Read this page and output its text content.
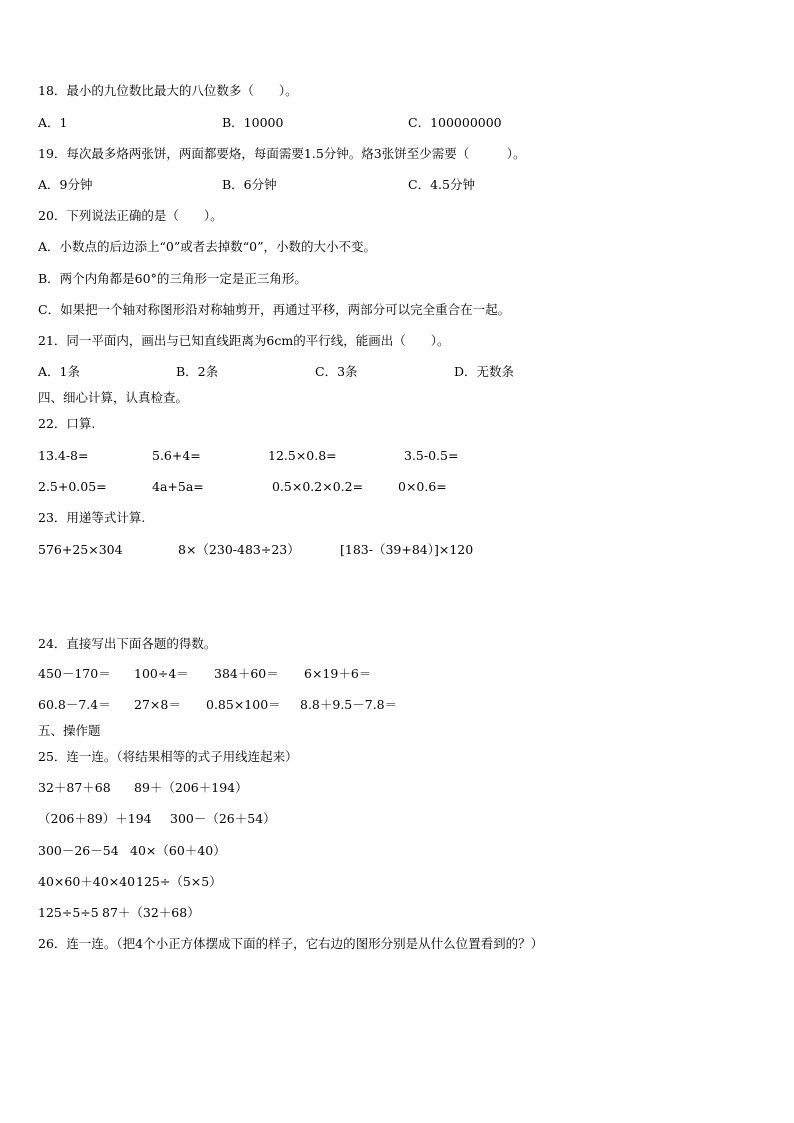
18．最小的九位数比最大的八位数多（　　）。
A．1	B．10000	C．100000000
19．每次最多烙两张饼，两面都要烙，每面需要1.5分钟。烙3张饼至少需要（　　　）。
A．9分钟	B．6分钟	C．4.5分钟
20．下列说法正确的是（　　）。
A．小数点的后边添上“0”或者去掉数“0”，小数的大小不变。
B．两个内角都是60°的三角形一定是正三角形。
C．如果把一个轴对称图形沿对称轴剪开，再通过平移，两部分可以完全重合在一起。
21．同一平面内，画出与已知直线距离为6cm的平行线，能画出（　　）。
A．1条	B．2条	C．3条	D．无数条
四、细心计算，认真检查。
22．口算.
13.4-8=	5.6+4=	12.5×0.8=	3.5-0.5=
2.5+0.05=	4a+5a=	0.5×0.2×0.2=	0×0.6=
23．用递等式计算.
576+25×304	8×（230-483÷23）	[183-（39+84）]×120
24．直接写出下面各题的得数。
450－170＝ 100÷4＝ 384＋60＝ 6×19＋6＝
60.8－7.4＝ 27×8＝ 0.85×100＝ 8.8＋9.5－7.8＝
五、操作题
25．连一连。（将结果相等的式子用线连起来）
32＋87＋68 89＋（206＋194）
（206＋89）＋194 300－（26＋54）
300－26－54 40×（60＋40）
40×60＋40×40 125÷（5×5）
125÷5÷5 87＋（32＋68）
26．连一连。（把4个小正方体摆成下面的样子，它右边的图形分别是从什么位置看到的？）
